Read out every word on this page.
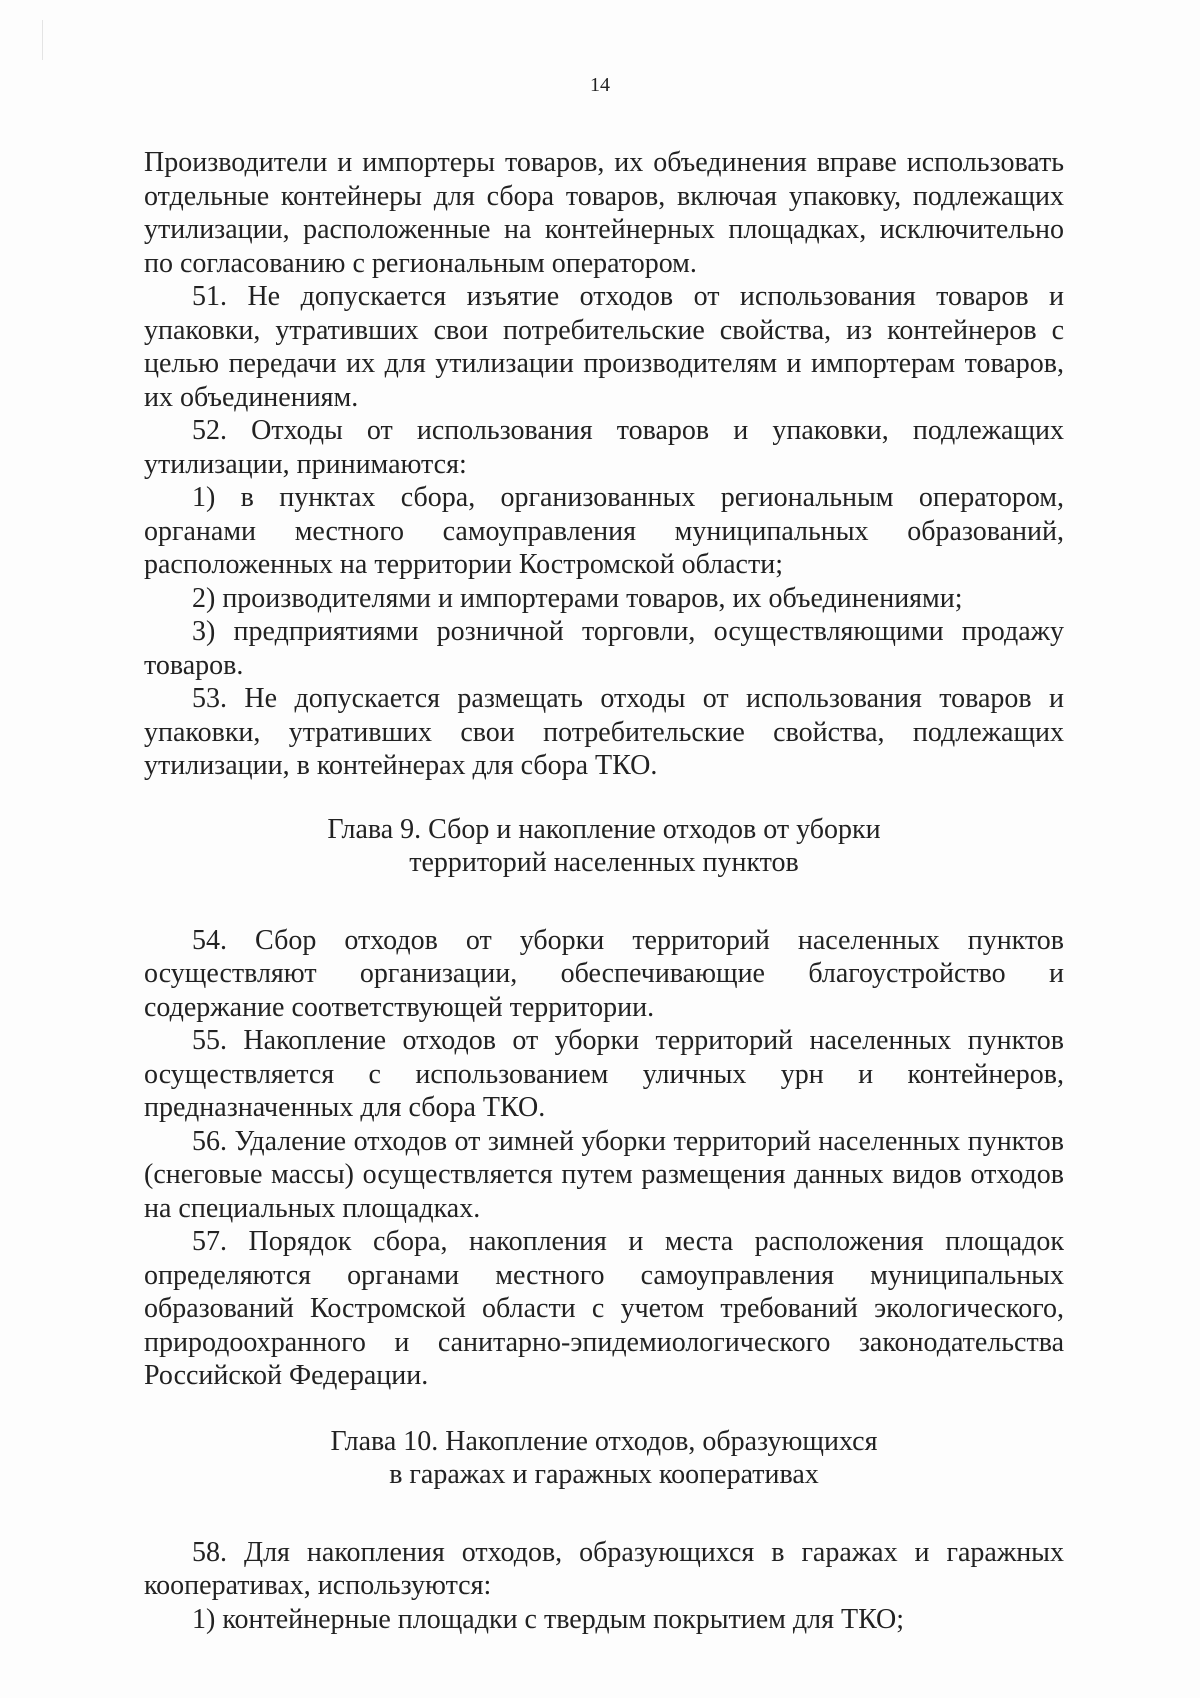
14

Производители и импортеры товаров, их объединения вправе использовать отдельные контейнеры для сбора товаров, включая упаковку, подлежащих утилизации, расположенные на контейнерных площадках, исключительно по согласованию с региональным оператором.

51. Не допускается изъятие отходов от использования товаров и упаковки, утративших свои потребительские свойства, из контейнеров с целью передачи их для утилизации производителям и импортерам товаров, их объединениям.

52. Отходы от использования товаров и упаковки, подлежащих утилизации, принимаются:

1) в пунктах сбора, организованных региональным оператором, органами местного самоуправления муниципальных образований, расположенных на территории Костромской области;

2) производителями и импортерами товаров, их объединениями;

3) предприятиями розничной торговли, осуществляющими продажу товаров.

53. Не допускается размещать отходы от использования товаров и упаковки, утративших свои потребительские свойства, подлежащих утилизации, в контейнерах для сбора ТКО.

Глава 9. Сбор и накопление отходов от уборки
территорий населенных пунктов

54. Сбор отходов от уборки территорий населенных пунктов осуществляют организации, обеспечивающие благоустройство и содержание соответствующей территории.

55. Накопление отходов от уборки территорий населенных пунктов осуществляется с использованием уличных урн и контейнеров, предназначенных для сбора ТКО.

56. Удаление отходов от зимней уборки территорий населенных пунктов (снеговые массы) осуществляется путем размещения данных видов отходов на специальных площадках.

57. Порядок сбора, накопления и места расположения площадок определяются органами местного самоуправления муниципальных образований Костромской области с учетом требований экологического, природоохранного и санитарно-эпидемиологического законодательства Российской Федерации.

Глава 10. Накопление отходов, образующихся
в гаражах и гаражных кооперативах

58. Для накопления отходов, образующихся в гаражах и гаражных кооперативах, используются:

1) контейнерные площадки с твердым покрытием для ТКО;
